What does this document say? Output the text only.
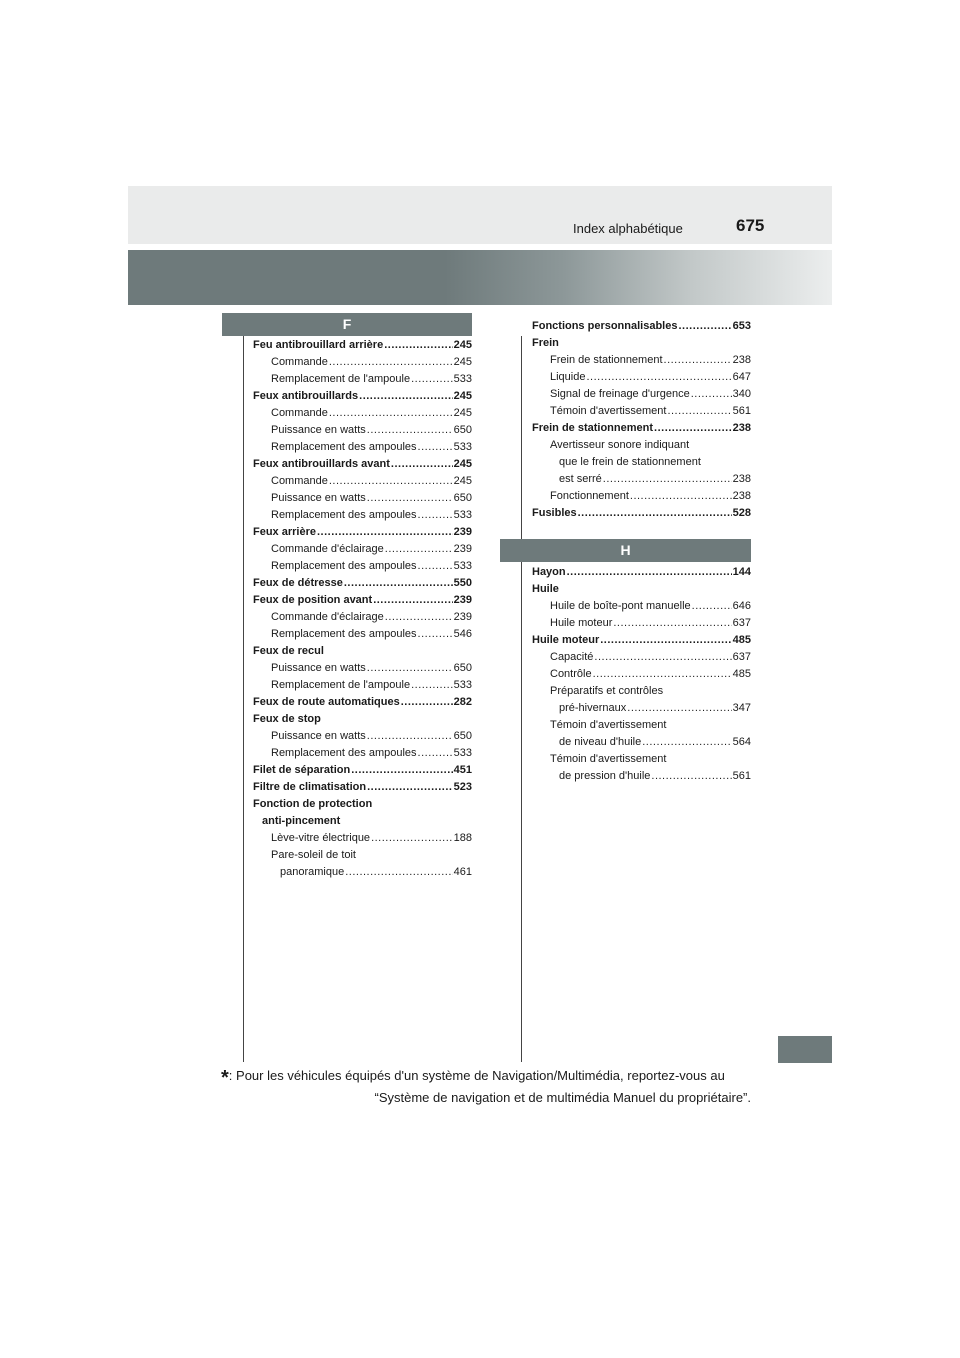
Index alphabétique	675
F
H
Feu antibrouillard arrière .....	245
Commande .....	245
Remplacement de l'ampoule .....	533
Feux antibrouillards .....	245
Commande .....	245
Puissance en watts .....	650
Remplacement des ampoules .....	533
Feux antibrouillards avant .....	245
Commande .....	245
Puissance en watts .....	650
Remplacement des ampoules .....	533
Feux arrière .....	239
Commande d'éclairage .....	239
Remplacement des ampoules .....	533
Feux de détresse .....	550
Feux de position avant .....	239
Commande d'éclairage .....	239
Remplacement des ampoules .....	546
Feux de recul
Puissance en watts .....	650
Remplacement de l'ampoule .....	533
Feux de route automatiques .....	282
Feux de stop
Puissance en watts .....	650
Remplacement des ampoules .....	533
Filet de séparation .....	451
Filtre de climatisation .....	523
Fonction de protection
anti-pincement
Lève-vitre électrique .....	188
Pare-soleil de toit
panoramique .....	461
Fonctions personnalisables .....	653
Frein
Frein de stationnement .....	238
Liquide .....	647
Signal de freinage d'urgence .....	340
Témoin d'avertissement .....	561
Frein de stationnement .....	238
Avertisseur sonore indiquant
que le frein de stationnement
est serré .....	238
Fonctionnement .....	238
Fusibles .....	528
Hayon .....	144
Huile
Huile de boîte-pont manuelle .....	646
Huile moteur .....	637
Huile moteur .....	485
Capacité .....	637
Contrôle .....	485
Préparatifs et contrôles
pré-hivernaux .....	347
Témoin d'avertissement
de niveau d'huile .....	564
Témoin d'avertissement
de pression d'huile .....	561
*: Pour les véhicules équipés d'un système de Navigation/Multimédia, reportez-vous au
“Système de navigation et de multimédia Manuel du propriétaire”.
